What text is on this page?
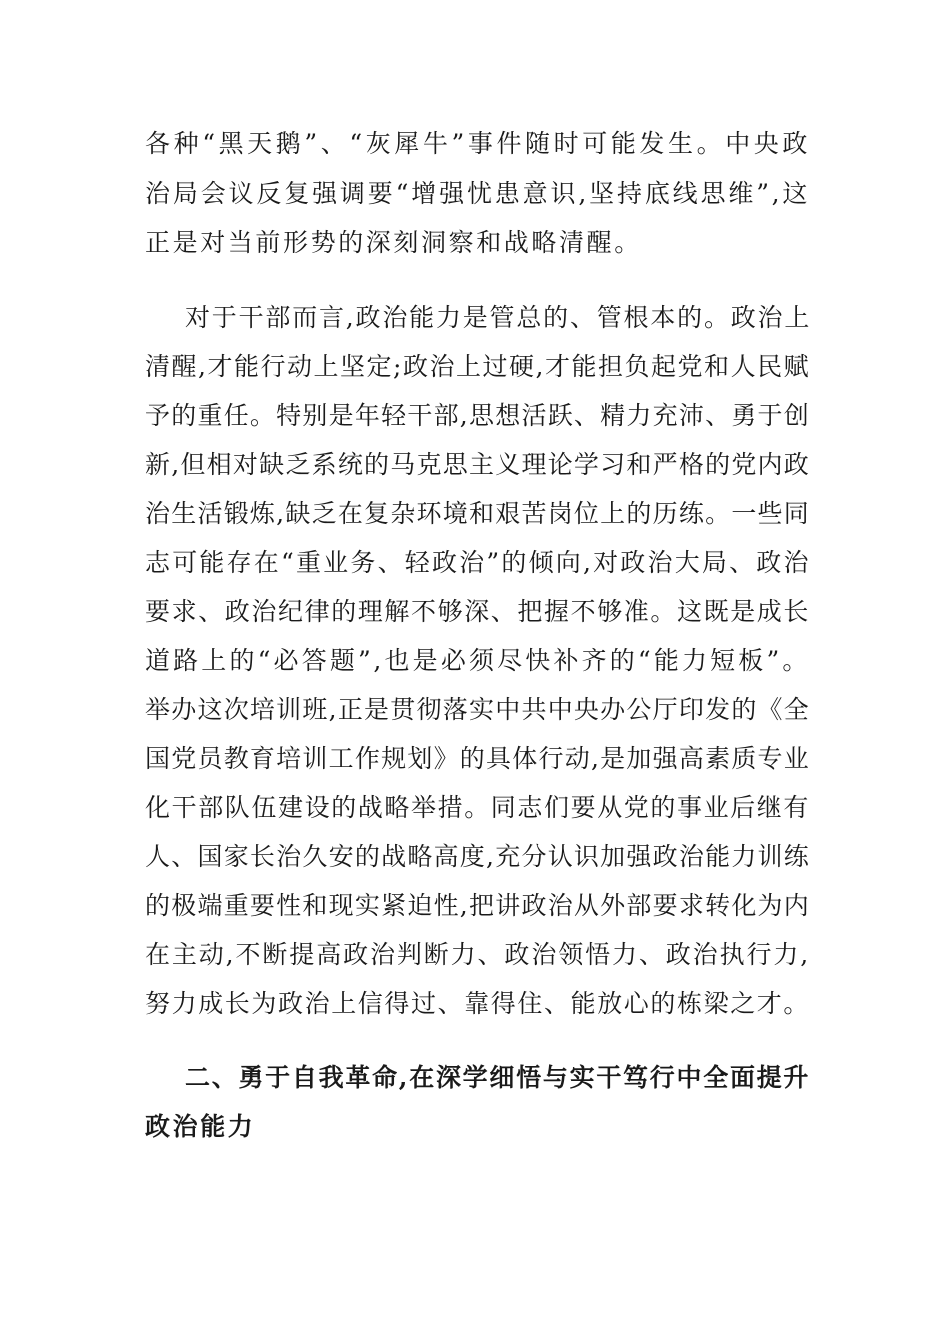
各种“黑天鹅”、“灰犀牛”事件随时可能发生。中央政
治局会议反复强调要“增强忧患意识,坚持底线思维”,这
正是对当前形势的深刻洞察和战略清醒。
对于干部而言,政治能力是管总的、管根本的。政治上
清醒,才能行动上坚定;政治上过硬,才能担负起党和人民赋
予的重任。特别是年轻干部,思想活跃、精力充沛、勇于创
新,但相对缺乏系统的马克思主义理论学习和严格的党内政
治生活锻炼,缺乏在复杂环境和艰苦岗位上的历练。一些同
志可能存在“重业务、轻政治”的倾向,对政治大局、政治
要求、政治纪律的理解不够深、把握不够准。这既是成长
道路上的“必答题”,也是必须尽快补齐的“能力短板”。
举办这次培训班,正是贯彻落实中共中央办公厅印发的《全
国党员教育培训工作规划》的具体行动,是加强高素质专业
化干部队伍建设的战略举措。同志们要从党的事业后继有
人、国家长治久安的战略高度,充分认识加强政治能力训练
的极端重要性和现实紧迫性,把讲政治从外部要求转化为内
在主动,不断提高政治判断力、政治领悟力、政治执行力,
努力成长为政治上信得过、靠得住、能放心的栋梁之才。
二、勇于自我革命,在深学细悟与实干笃行中全面提升
政治能力
